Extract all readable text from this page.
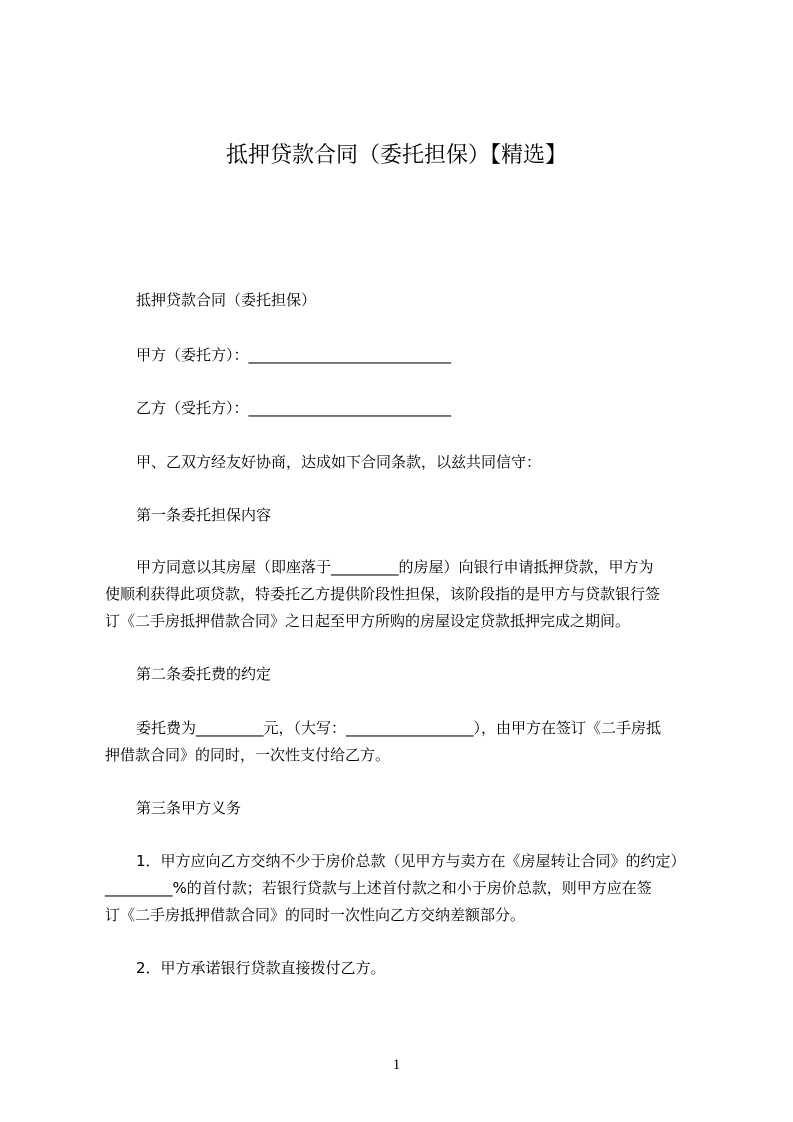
抵押贷款合同（委托担保）【精选】
抵押贷款合同（委托担保）
甲方（委托方）：___________________________
乙方（受托方）：___________________________
甲、乙双方经友好协商，达成如下合同条款，以兹共同信守：
第一条委托担保内容
甲方同意以其房屋（即座落于_________的房屋）向银行申请抵押贷款，甲方为
使顺利获得此项贷款，特委托乙方提供阶段性担保，该阶段指的是甲方与贷款银行签
订《二手房抵押借款合同》之日起至甲方所购的房屋设定贷款抵押完成之期间。
第二条委托费的约定
委托费为_________元，（大写：_________________），由甲方在签订《二手房抵
押借款合同》的同时，一次性支付给乙方。
第三条甲方义务
1．甲方应向乙方交纳不少于房价总款（见甲方与卖方在《房屋转让合同》的约定）
_________%的首付款；若银行贷款与上述首付款之和小于房价总款，则甲方应在签
订《二手房抵押借款合同》的同时一次性向乙方交纳差额部分。
2．甲方承诺银行贷款直接拨付乙方。
1
